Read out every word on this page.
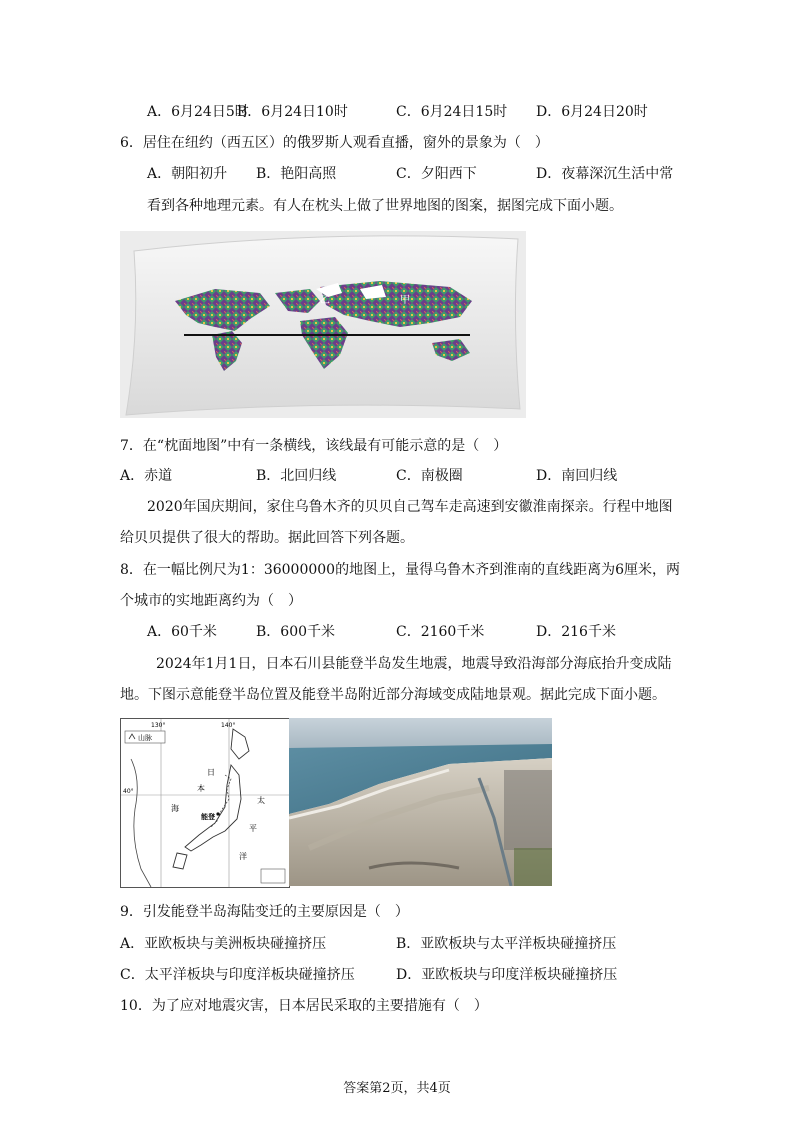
A．6月24日5时
B．6月24日10时	C．6月24日15时 D．6月24日20时
6．居住在纽约（西五区）的俄罗斯人观看直播，窗外的景象为（　）
A．朝阳初升 B．艳阳高照	C．夕阳西下	D．夜幕深沉生活中常
看到各种地理元素。有人在枕头上做了世界地图的图案，据图完成下面小题。
乙	甲
7．在“枕面地图”中有一条横线，该线最有可能示意的是（　）
A．赤道	B．北回归线	C．南极圈	D．南回归线
2020年国庆期间，家住乌鲁木齐的贝贝自己驾车走高速到安徽淮南探亲。行程中地图
给贝贝提供了很大的帮助。据此回答下列各题。
8．在一幅比例尺为1：36000000的地图上，量得乌鲁木齐到淮南的直线距离为6厘米，两
个城市的实地距离约为（　）
A．60千米	B．600千米	C．2160千米	D．216千米
2024年1月1日，日本石川县能登半岛发生地震，地震导致沿海部分海底抬升变成陆
地。下图示意能登半岛位置及能登半岛附近部分海域变成陆地景观。据此完成下面小题。
130°	140°
40°
山脉
日
本
海
太
平
洋
能登
9．引发能登半岛海陆变迁的主要原因是（　）
A．亚欧板块与美洲板块碰撞挤压	B．亚欧板块与太平洋板块碰撞挤压
C．太平洋板块与印度洋板块碰撞挤压	D．亚欧板块与印度洋板块碰撞挤压
10．为了应对地震灾害，日本居民采取的主要措施有（　）
答案第2页，共4页
